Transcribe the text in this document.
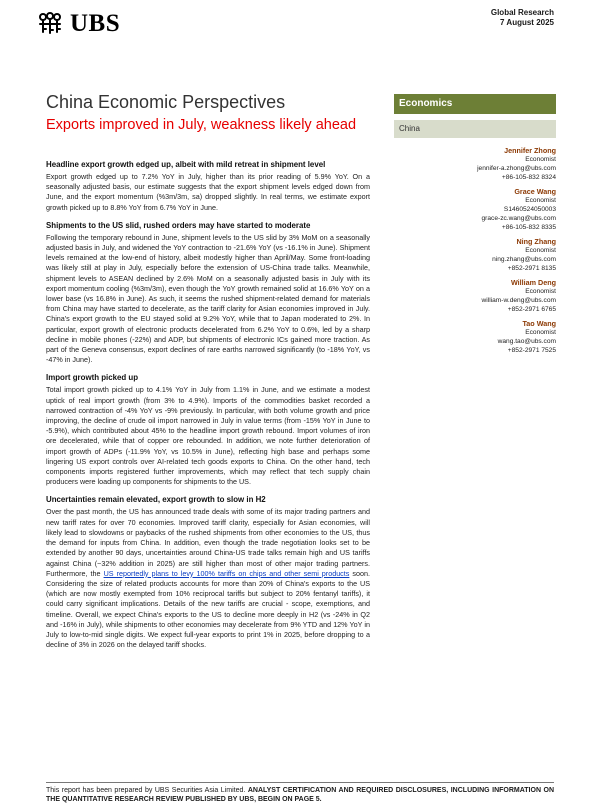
UBS	Global Research
7 August 2025
China Economic Perspectives
Exports improved in July, weakness likely ahead
Economics
China
Jennifer Zhong
Economist
jennifer-a.zhong@ubs.com
+86-105-832 8324
Grace Wang
Economist
S1460524050003
grace-zc.wang@ubs.com
+86-105-832 8335
Ning Zhang
Economist
ning.zhang@ubs.com
+852-2971 8135
William Deng
Economist
william-w.deng@ubs.com
+852-2971 6765
Tao Wang
Economist
wang.tao@ubs.com
+852-2971 7525
Headline export growth edged up, albeit with mild retreat in shipment level

Export growth edged up to 7.2% YoY in July, higher than its prior reading of 5.9% YoY. On a seasonally adjusted basis, our estimate suggests that the export shipment levels edged down from June, and the export momentum (%3m/3m, sa) dropped slightly. In real terms, we estimate export growth picked up to 8.8% YoY from 6.7% YoY in June.

Shipments to the US slid, rushed orders may have started to moderate

Following the temporary rebound in June, shipment levels to the US slid by 3% MoM on a seasonally adjusted basis in July, and widened the YoY contraction to -21.6% YoY (vs -16.1% in June). Shipment levels remained at the low-end of history, albeit modestly higher than April/May. Some front-loading was likely still at play in July, especially before the extension of US-China trade talks. Meanwhile, shipment levels to ASEAN declined by 2.6% MoM on a seasonally adjusted basis in July with its export momentum cooling (%3m/3m), even though the YoY growth remained solid at 16.6% YoY on a lower base (vs 16.8% in June). As such, it seems the rushed shipment-related demand for materials from China may have started to decelerate, as the tariff clarity for Asian economies improved in July. China's export growth to the EU stayed solid at 9.2% YoY, while that to Japan moderated to 2%. In particular, export growth of electronic products decelerated from 6.2% YoY to 0.6%, led by a sharp decline in mobile phones (-22%) and ADP, but shipments of electronic ICs gained more traction. As part of the Geneva consensus, export declines of rare earths narrowed significantly (to -18% YoY, vs -47% in June).

Import growth picked up

Total import growth picked up to 4.1% YoY in July from 1.1% in June, and we estimate a modest uptick of real import growth (from 3% to 4.9%). Imports of the commodities basket recorded a narrowed contraction of -4% YoY vs -9% previously. In particular, with both volume growth and price improving, the decline of crude oil import narrowed in July in value terms (from -15% YoY in June to -5.9%), which contributed about 45% to the headline import growth rebound. Import volumes of iron ore decelerated, while that of copper ore rebounded. In addition, we note further deterioration of import growth of ADPs (-11.9% YoY, vs 10.5% in June), reflecting high base and perhaps some lingering US export controls over AI-related tech goods exports to China. On the other hand, tech components imports registered further improvements, which may reflect that tech supply chain producers were loading up components for shipments to the US.

Uncertainties remain elevated, export growth to slow in H2

Over the past month, the US has announced trade deals with some of its major trading partners and new tariff rates for over 70 economies. Improved tariff clarity, especially for Asian economies, will likely lead to slowdowns or paybacks of the rushed shipments from other economies to the US, thus the demand for inputs from China. In addition, even though the trade negotiation looks set to be extended by another 90 days, uncertainties around China-US trade talks remain high and US tariffs against China (~32% addition in 2025) are still higher than most of other major trading partners. Furthermore, the US reportedly plans to levy 100% tariffs on chips and other semi products soon. Considering the size of related products accounts for more than 20% of China's exports to the US (which are now mostly exempted from 10% reciprocal tariffs but subject to 20% fentanyl tariffs), it could carry significant implications. Details of the new tariffs are crucial - scope, exemptions, and timeline. Overall, we expect China's exports to the US to decline more deeply in H2 (vs -24% in Q2 and -16% in July), while shipments to other economies may decelerate from 9% YTD and 12% YoY in July to low-to-mid single digits. We expect full-year exports to print 1% in 2025, before dropping to a decline of 3% in 2026 on the delayed tariff shocks.

This report has been prepared by UBS Securities Asia Limited. ANALYST CERTIFICATION AND REQUIRED DISCLOSURES, INCLUDING INFORMATION ON THE QUANTITATIVE RESEARCH REVIEW PUBLISHED BY UBS, BEGIN ON PAGE 5.
